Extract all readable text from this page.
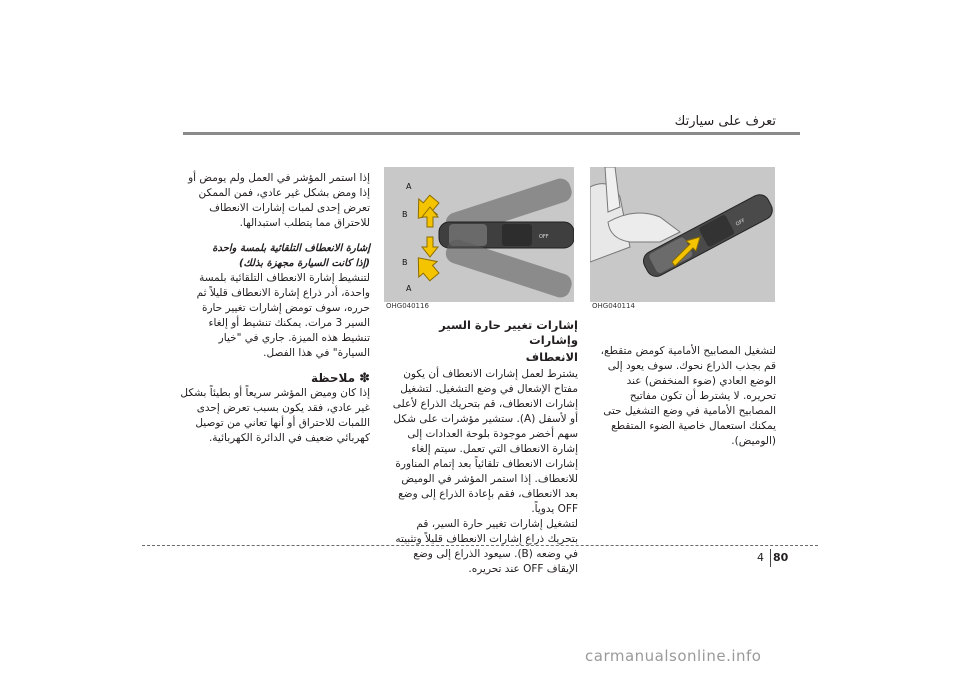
تعرف على سيارتك
OFF
OHG040114
OFF
A
B
B
A
OHG040116

لتشغيل المصابيح الأمامية كومض متقطع، قم بجذب الذراع نحوك. سوف يعود إلى الوضع العادي (ضوء المنخفض) عند تحريره. لا يشترط أن تكون مفاتيح المصابيح الأمامية في وضع التشغيل حتى يمكنك استعمال خاصية الضوء المتقطع (الوميض).

إشارات تغيير حارة السير وإشارات
الانعطاف

يشترط لعمل إشارات الانعطاف أن يكون مفتاح الإشعال في وضع التشغيل. لتشغيل إشارات الانعطاف، قم بتحريك الذراع لأعلى أو لأسفل (A). ستشير مؤشرات على شكل سهم أخضر موجودة بلوحة العدادات إلى إشارة الانعطاف التي تعمل. سيتم إلغاء إشارات الانعطاف تلقائياً بعد إتمام المناورة للانعطاف. إذا استمر المؤشر في الوميض بعد الانعطاف، فقم بإعادة الذراع إلى وضع OFF يدوياً.

لتشغيل إشارات تغيير حارة السير، قم بتحريك ذراع إشارات الانعطاف قليلاً وتثبيته في وضعه (B). سيعود الذراع إلى وضع الإيقاف OFF عند تحريره.

إذا استمر المؤشر في العمل ولم يومض أو إذا ومض بشكل غير عادي، فمن الممكن تعرض إحدى لمبات إشارات الانعطاف للاحتراق مما يتطلب استبدالها.

إشارة الانعطاف التلقائية بلمسة واحدة
(إذا كانت السيارة مجهزة بذلك)

لتنشيط إشارة الانعطاف التلقائية بلمسة واحدة، أدر ذراع إشارة الانعطاف قليلاً ثم حرره، سوف تومض إشارات تغيير حارة السير 3 مرات. يمكنك تنشيط أو إلغاء تنشيط هذه الميزة. جاري في "خيار السيارة" في هذا الفصل.

✽ملاحظة

إذا كان وميض المؤشر سريعاً أو بطيئاً بشكل غير عادي، فقد يكون بسبب تعرض إحدى اللمبات للاحتراق أو أنها تعاني من توصيل كهربائي ضعيف في الدائرة الكهربائية.

4 80
carmanualsonline.info
